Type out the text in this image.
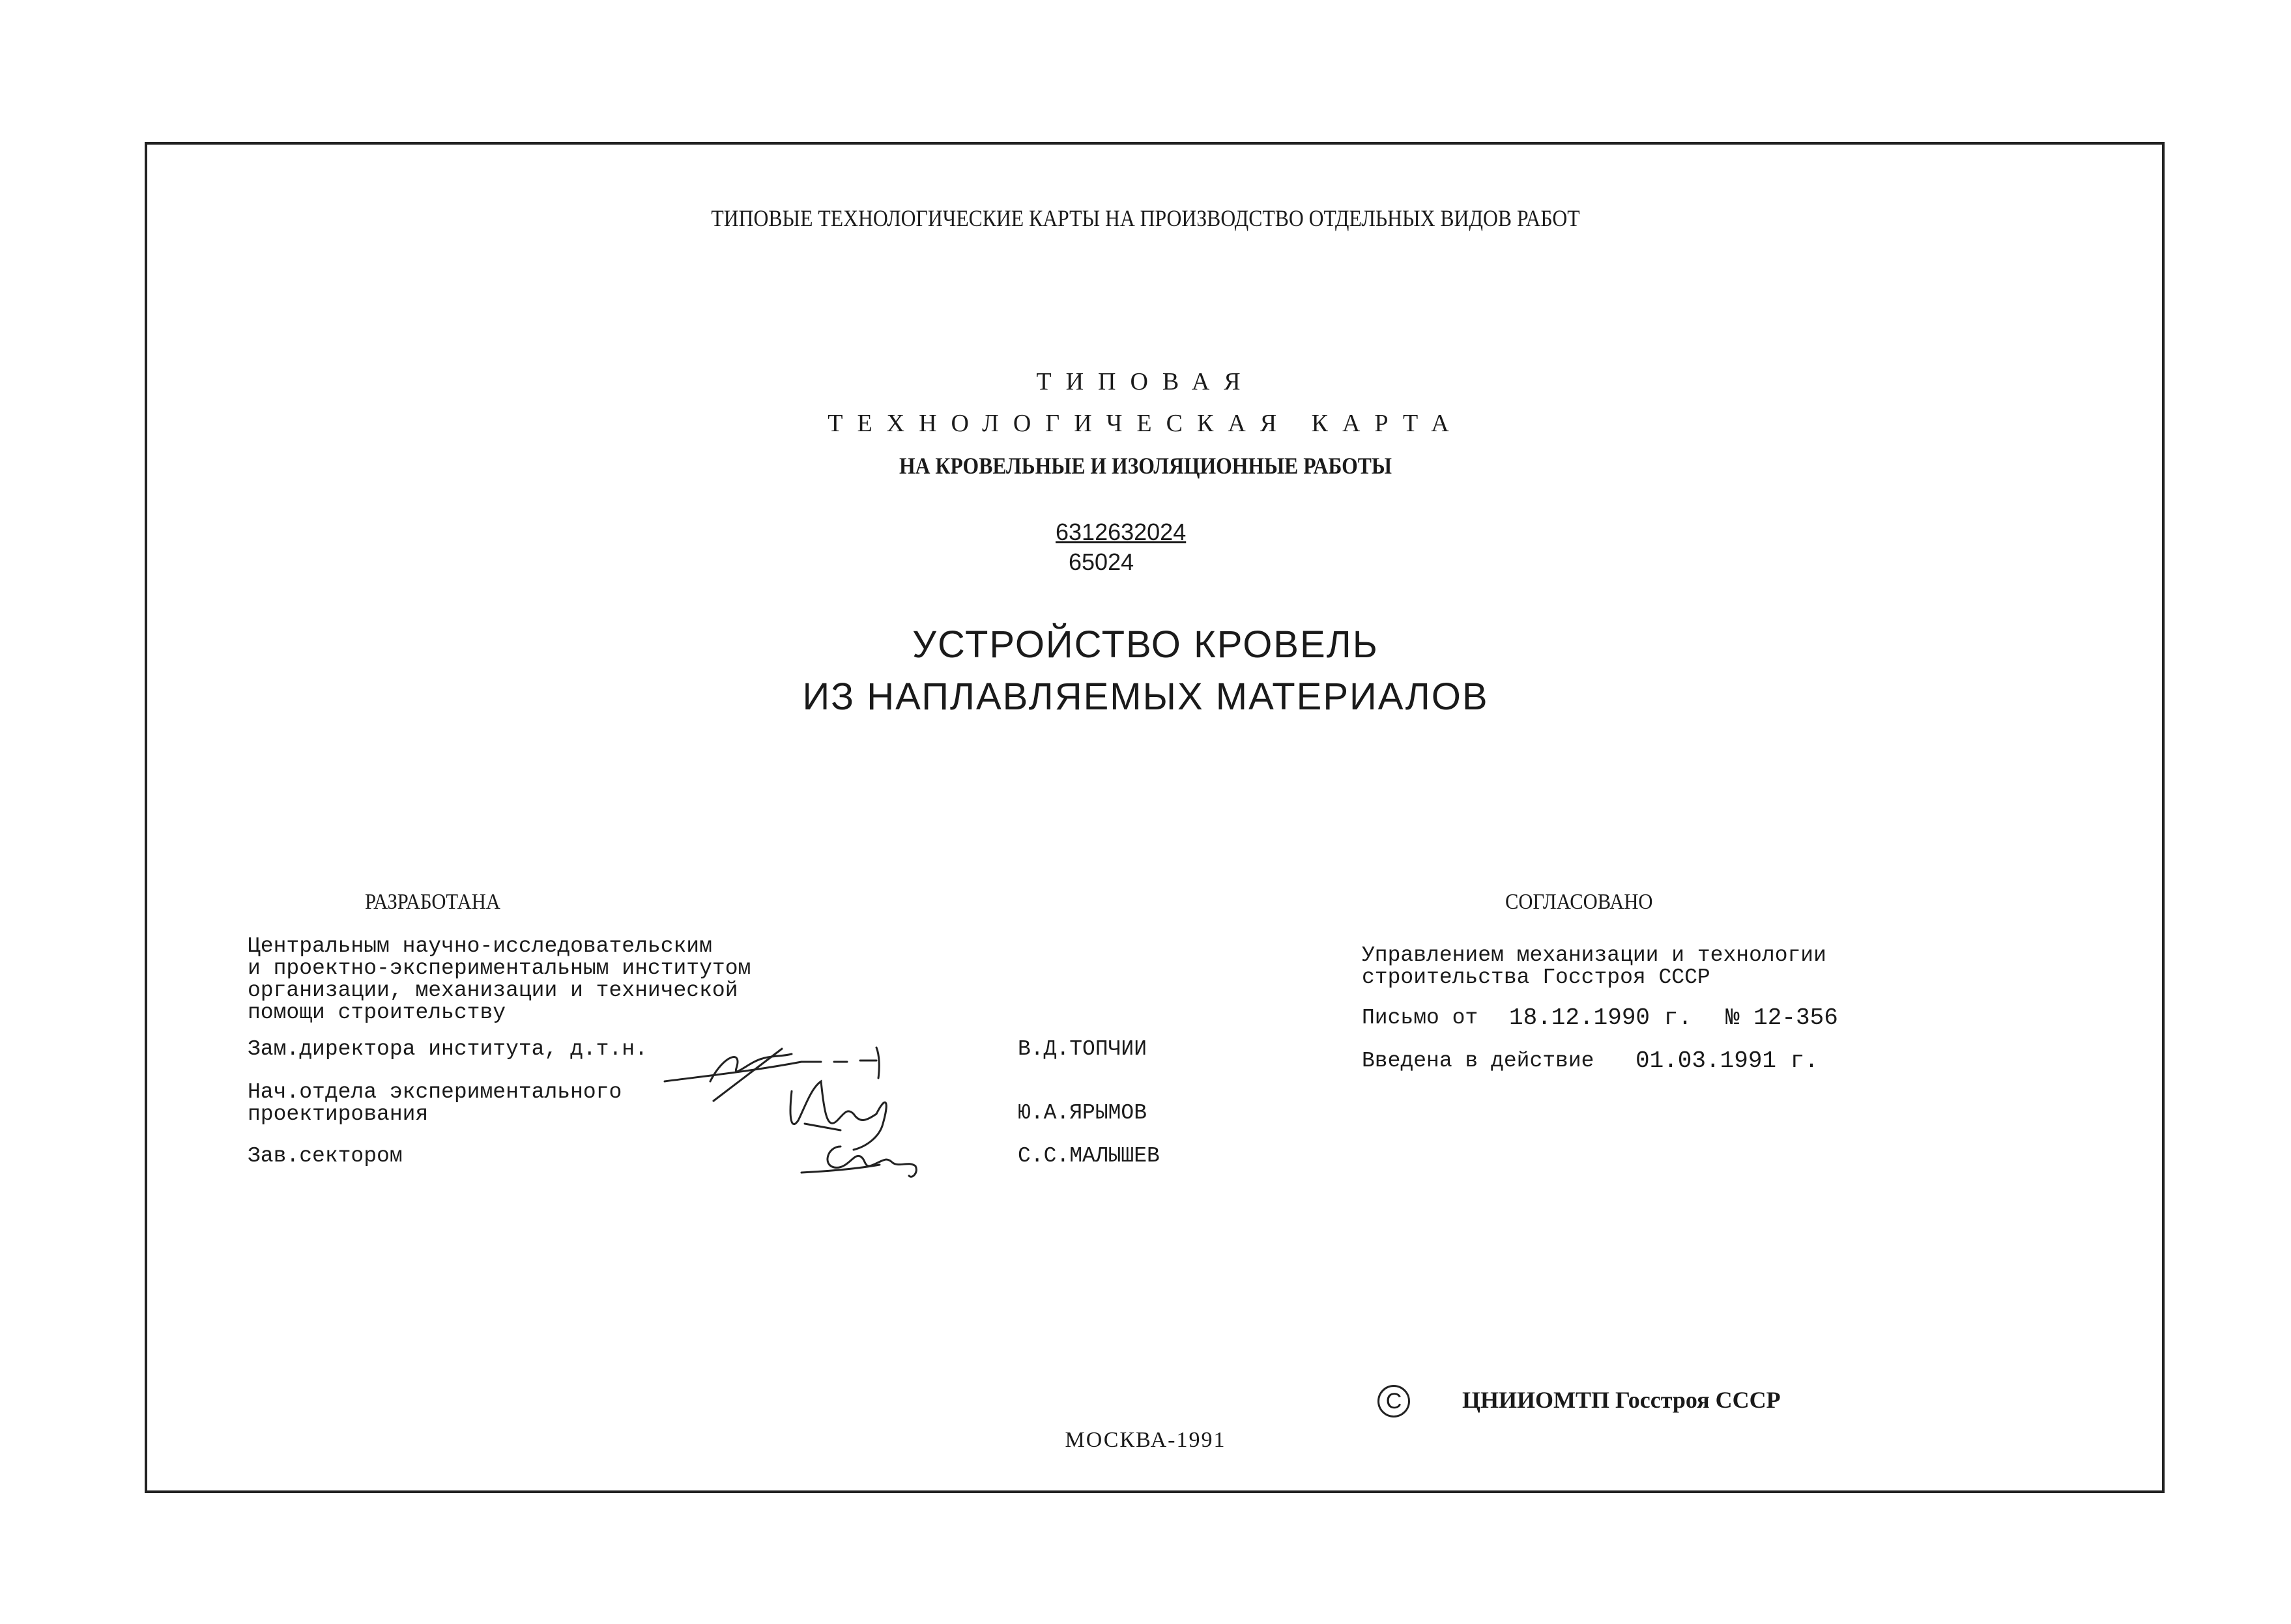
ТИПОВЫЕ ТЕХНОЛОГИЧЕСКИЕ КАРТЫ НА ПРОИЗВОДСТВО ОТДЕЛЬНЫХ ВИДОВ РАБОТ
ТИПОВАЯ
ТЕХНОЛОГИЧЕСКАЯ КАРТА
НА КРОВЕЛЬНЫЕ И ИЗОЛЯЦИОННЫЕ РАБОТЫ
6312632024
65024
УСТРОЙСТВО КРОВЕЛЬ
ИЗ НАПЛАВЛЯЕМЫХ МАТЕРИАЛОВ
РАЗРАБОТАНА
Центральным научно-исследовательским
и проектно-экспериментальным институтом
организации, механизации и технической
помощи строительству
Зам.директора института, д.т.н.	В.Д.ТОПЧИИ
Нач.отдела экспериментального
проектирования	Ю.А.ЯРЫМОВ
Зав.сектором	С.С.МАЛЫШЕВ
СОГЛАСОВАНО
Управлением механизации и технологии
строительства Госстроя СССР
Письмо от 18.12.1990 г. № 12-356
Введена в действие 01.03.1991 г.
C	ЦНИИОМТП Госстроя СССР
МОСКВА-1991
